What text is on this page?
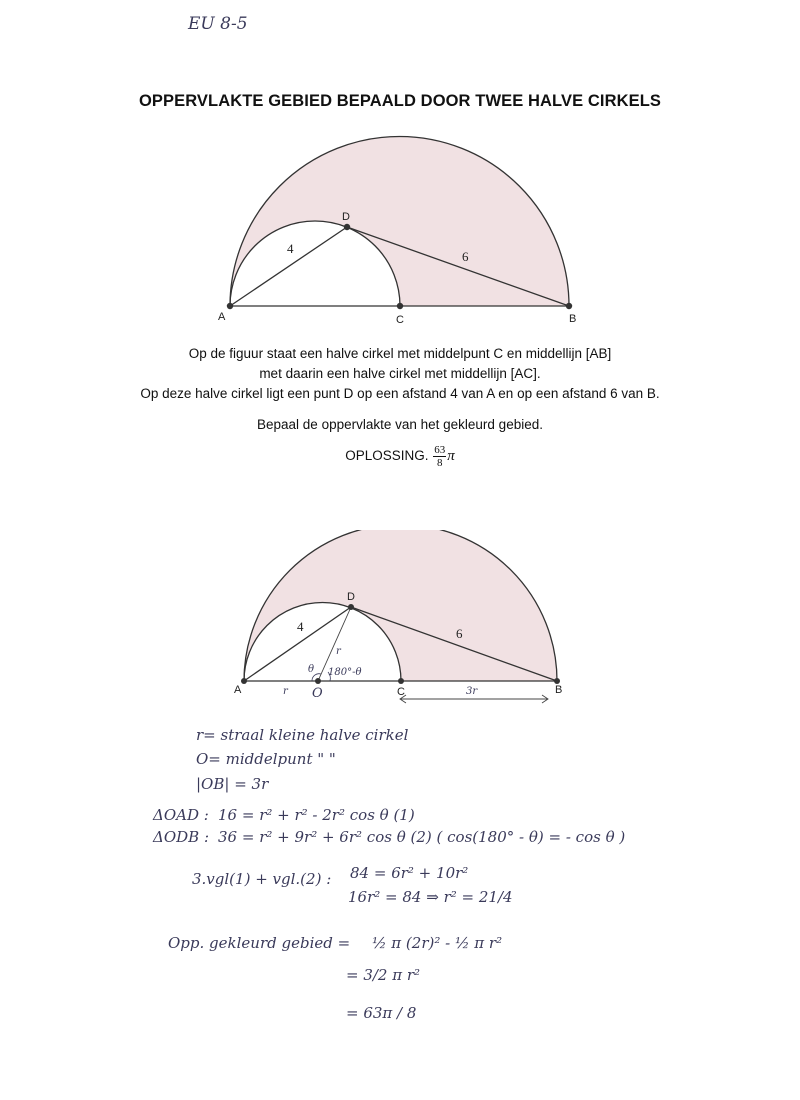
EU 8-5
OPPERVLAKTE GEBIED BEPAALD DOOR TWEE HALVE CIRKELS
A	C	B
D
4
6
Op de figuur staat een halve cirkel met middelpunt C en middellijn [AB]
met daarin een halve cirkel met middellijn [AC].
Op deze halve cirkel ligt een punt D op een afstand 4 van A en op een afstand 6 van B.
Bepaal de oppervlakte van het gekleurd gebied.
OPLOSSING. $\frac{63}{8}$ π
A	C	B
D
O
4	6
r
r
θ 180°-θ
3r
r= straal kleine halve cirkel
O= middelpunt " "
|OB| = 3r
ΔOAD : 16 = r² + r² - 2r² cos θ (1)
ΔODB : 36 = r² + 9r² + 6r² cos θ (2) ( cos(180° - θ) = - cos θ )
3.vgl(1) + vgl.(2) : 84 = 6r² + 10r²
16r² = 84 ⇒ r² = 21/4
Opp. gekleurd gebied = ½ π (2r)² - ½ π r²
= 3/2 π r²
= 63π / 8
